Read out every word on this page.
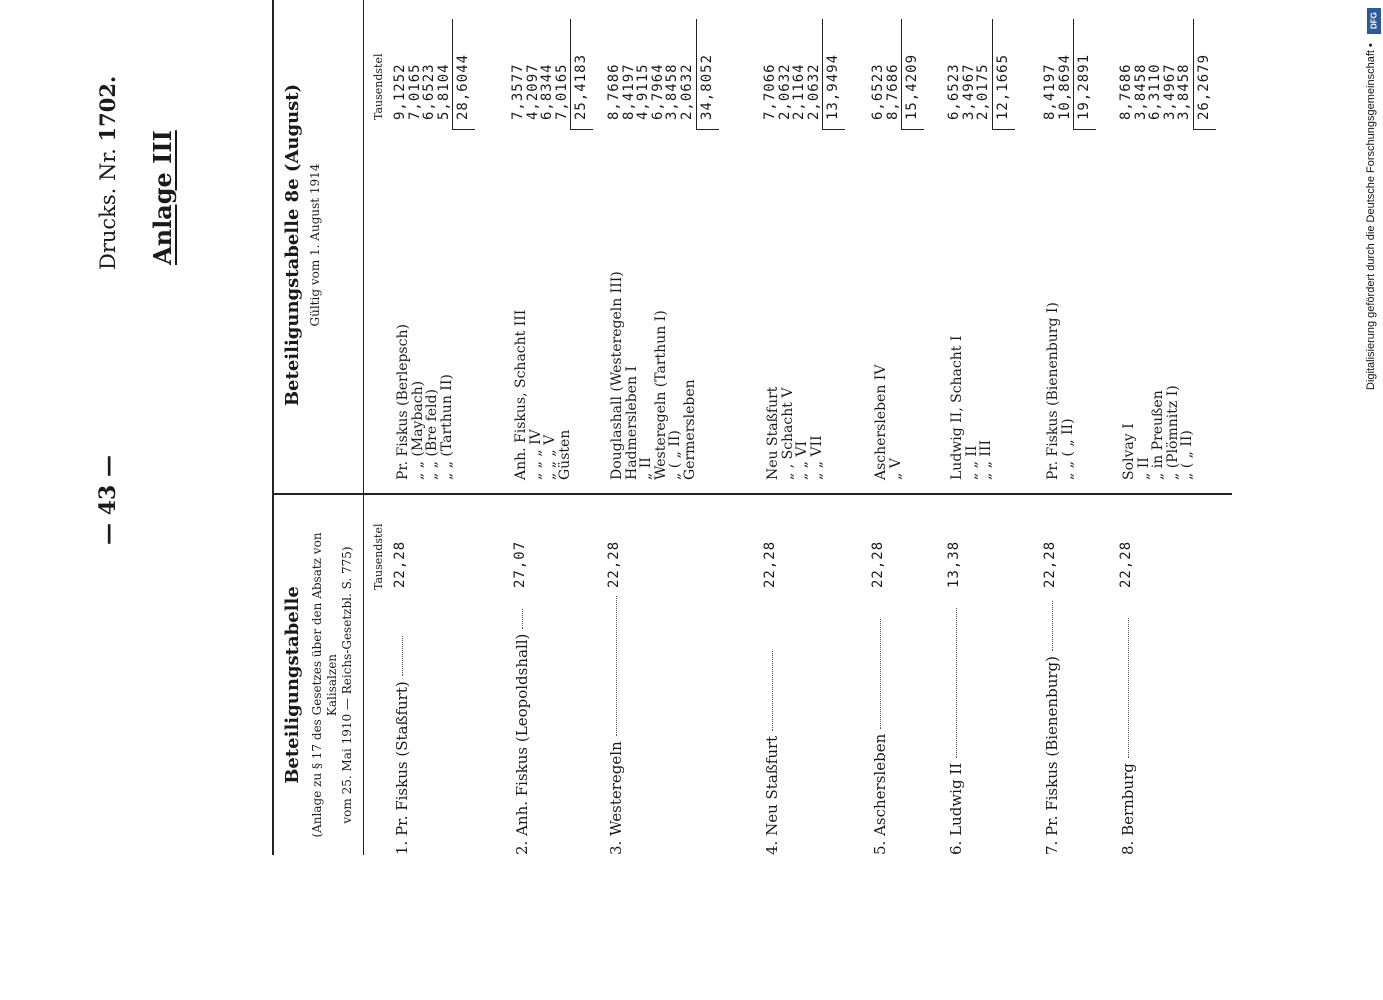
— 43 —
Drucks. Nr. 1702.
Anlage III
Beteiligungstabelle (Anlage zu § 17 des Gesetzes über den Absatz von Kalisalzen vom 25. Mai 1910 — Reichs-Gesetzbl. S. 775) Tausendstel
1. Pr. Fiskus (Staßfurt)
22,28
2. Anh. Fiskus (Leopoldshall)
27,07
3. Westeregeln
22,28
4. Neu Staßfurt
22,28
5. Aschersleben
22,28
6. Ludwig II
13,38
7. Pr. Fiskus (Bienenburg)
22,28
8. Bernburg
22,28
Beteiligungstabelle 8e (August) Gültig vom 1. August 1914
Tausendstel
Pr. Fiskus (Berlepsch)
9,1252
„ „ (Maybach)
7,0165
„ „ (Bre feld)
6,6523
„ „ (Tarthun II)
5,8104 28,6044
Anh. Fiskus, Schacht III
7,3577
„ „ „ IV
4,2097
„ „ „ V
6,8344
Güsten
7,0165 25,4183
Douglashall (Westeregeln III)
8,7686
Hadmersleben I
8,4197
„ II
4,9115
Westeregeln (Tarthun I)
6,7964
„ ( „ II)
3,8458
Germersleben
2,0632 34,8052
Neu Staßfurt
7,7066
„ , Schacht V
2,0632
„ „ VI
2,1164
„ „ VII
2,0632 13,9494
Aschersleben IV
6,6523
„ V
8,7686 15,4209
Ludwig II, Schacht I
6,6523
„ „ II
3,4967
„ „ III
2,0175 12,1665
Pr. Fiskus (Bienenburg I)
8,4197
„ „ ( „ II)
10,8694 19,2891
Solvay I
8,7686
„ II
3,8458
„ in Preußen
6,3110
„ (Plömnitz I)
3,4967
„ ( „ II)
3,8458 26,2679
DFG
Digitalisierung gefördert durch die Deutsche Forschungsgemeinschaft •
